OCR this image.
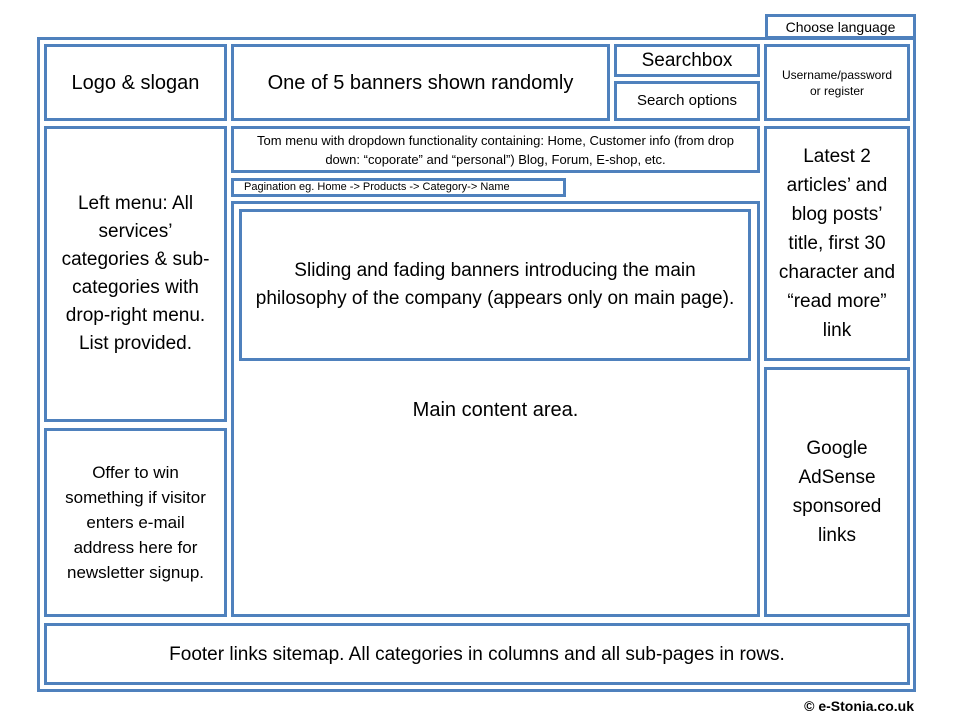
Choose language
Logo & slogan	One of 5 banners shown randomly
Searchbox
Search options
Username/password or register
Left menu: All services’ categories & sub-categories with drop-right menu. List provided.
Offer to win something if visitor enters e-mail address here for newsletter signup.
Tom menu with dropdown functionality containing: Home, Customer info (from drop down: “coporate” and “personal”) Blog, Forum, E-shop, etc.
Pagination eg. Home -> Products -> Category-> Name
Sliding and fading banners introducing the main philosophy of the company (appears only on main page).
Main content area.
Latest 2 articles’ and blog posts’ title, first 30 character and “read more” link
Google AdSense sponsored links
Footer links sitemap. All categories in columns and all sub-pages in rows.
© e-Stonia.co.uk
